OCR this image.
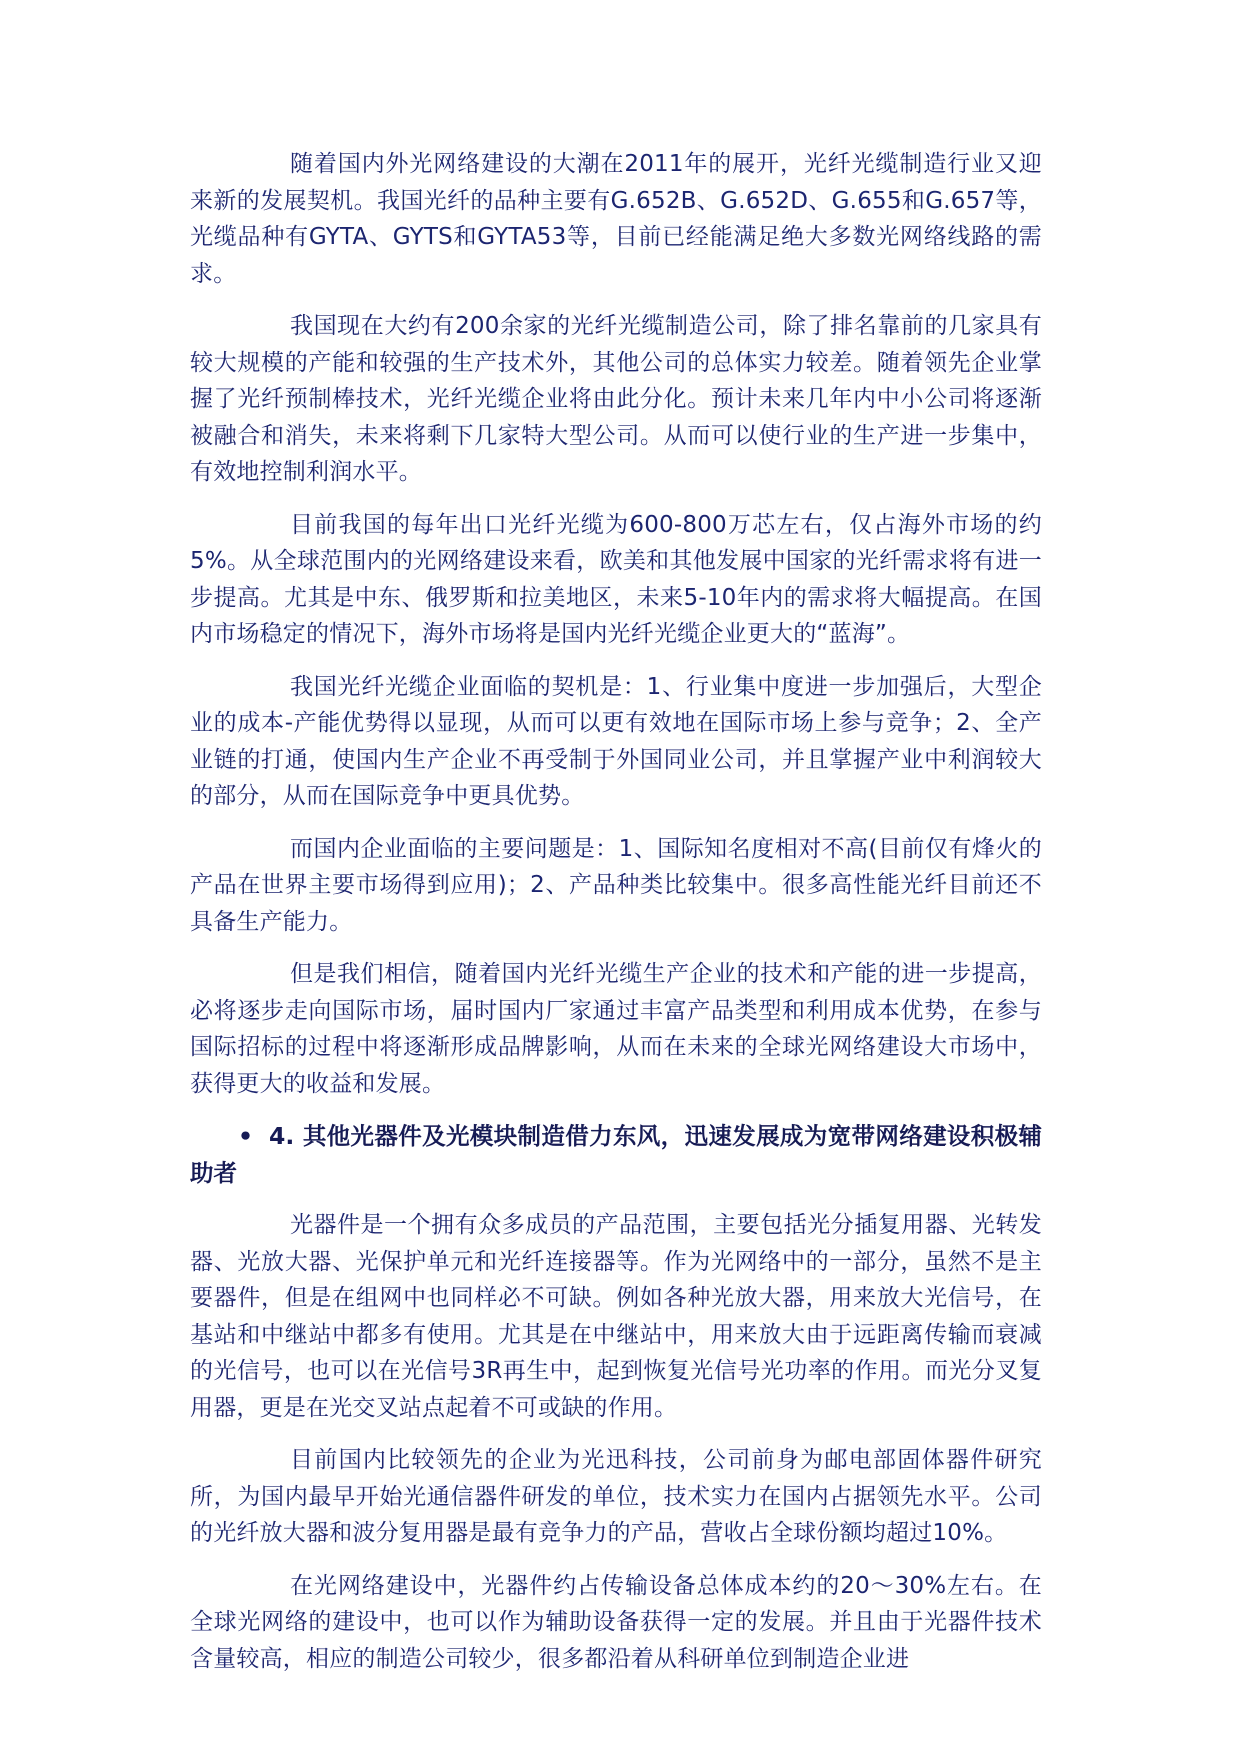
随着国内外光网络建设的大潮在2011年的展开，光纤光缆制造行业又迎来新的发展契机。我国光纤的品种主要有G.652B、G.652D、G.655和G.657等，光缆品种有GYTA、GYTS和GYTA53等，目前已经能满足绝大多数光网络线路的需求。

我国现在大约有200余家的光纤光缆制造公司，除了排名靠前的几家具有较大规模的产能和较强的生产技术外，其他公司的总体实力较差。随着领先企业掌握了光纤预制棒技术，光纤光缆企业将由此分化。预计未来几年内中小公司将逐渐被融合和消失，未来将剩下几家特大型公司。从而可以使行业的生产进一步集中，有效地控制利润水平。

目前我国的每年出口光纤光缆为600-800万芯左右，仅占海外市场的约5%。从全球范围内的光网络建设来看，欧美和其他发展中国家的光纤需求将有进一步提高。尤其是中东、俄罗斯和拉美地区，未来5-10年内的需求将大幅提高。在国内市场稳定的情况下，海外市场将是国内光纤光缆企业更大的“蓝海”。

我国光纤光缆企业面临的契机是：1、行业集中度进一步加强后，大型企业的成本-产能优势得以显现，从而可以更有效地在国际市场上参与竞争；2、全产业链的打通，使国内生产企业不再受制于外国同业公司，并且掌握产业中利润较大的部分，从而在国际竞争中更具优势。

而国内企业面临的主要问题是：1、国际知名度相对不高(目前仅有烽火的产品在世界主要市场得到应用)；2、产品种类比较集中。很多高性能光纤目前还不具备生产能力。

但是我们相信，随着国内光纤光缆生产企业的技术和产能的进一步提高，必将逐步走向国际市场，届时国内厂家通过丰富产品类型和利用成本优势，在参与国际招标的过程中将逐渐形成品牌影响，从而在未来的全球光网络建设大市场中，获得更大的收益和发展。

• 4. 其他光器件及光模块制造借力东风，迅速发展成为宽带网络建设积极辅助者

光器件是一个拥有众多成员的产品范围，主要包括光分插复用器、光转发器、光放大器、光保护单元和光纤连接器等。作为光网络中的一部分，虽然不是主要器件，但是在组网中也同样必不可缺。例如各种光放大器，用来放大光信号，在基站和中继站中都多有使用。尤其是在中继站中，用来放大由于远距离传输而衰减的光信号，也可以在光信号3R再生中，起到恢复光信号光功率的作用。而光分叉复用器，更是在光交叉站点起着不可或缺的作用。

目前国内比较领先的企业为光迅科技，公司前身为邮电部固体器件研究所，为国内最早开始光通信器件研发的单位，技术实力在国内占据领先水平。公司的光纤放大器和波分复用器是最有竞争力的产品，营收占全球份额均超过10%。

在光网络建设中，光器件约占传输设备总体成本约的20～30%左右。在全球光网络的建设中，也可以作为辅助设备获得一定的发展。并且由于光器件技术含量较高，相应的制造公司较少，很多都沿着从科研单位到制造企业进
